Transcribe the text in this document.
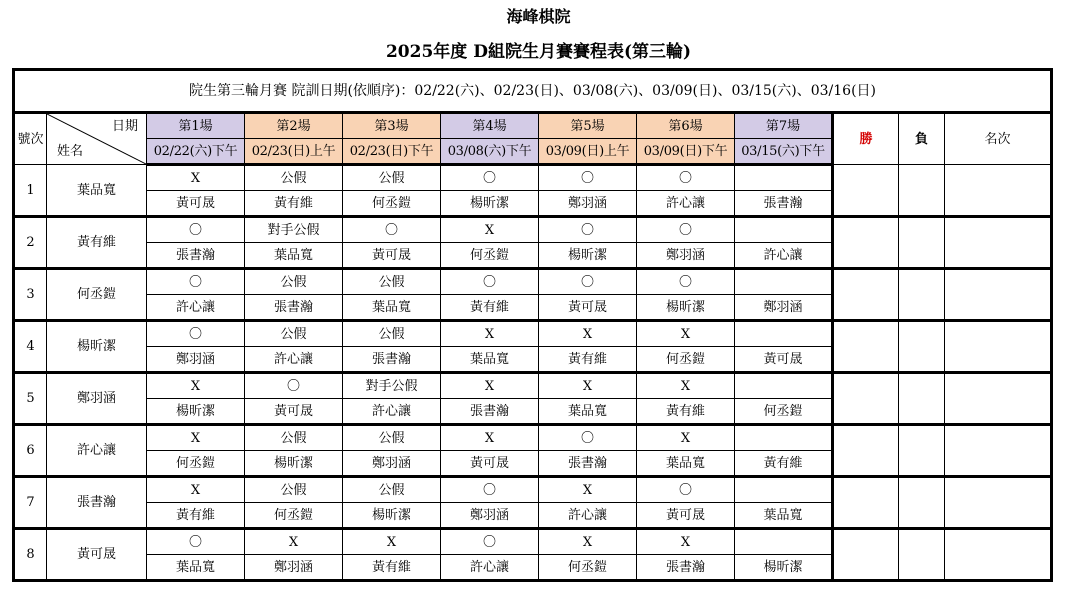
海峰棋院
2025年度 D組院生月賽賽程表(第三輪)
院生第三輪月賽 院訓日期(依順序)：02/22(六)、02/23(日)、03/08(六)、03/09(日)、03/15(六)、03/16(日)											
號次	日期
姓名	第1場	第2場	第3場	第4場	第5場	第6場	第7場	勝	負	名次
		02/22(六)下午	02/23(日)上午	02/23(日)下午	03/08(六)下午	03/09(日)上午	03/09(日)下午	03/15(六)下午			
1	葉品寬	X	公假	公假	〇	〇	〇				
		黃可晟	黃有維	何丞鎧	楊昕潔	鄭羽涵	許心讓	張書瀚			
2	黃有維	〇	對手公假	〇	X	〇	〇				
		張書瀚	葉品寬	黃可晟	何丞鎧	楊昕潔	鄭羽涵	許心讓			
3	何丞鎧	〇	公假	公假	〇	〇	〇				
		許心讓	張書瀚	葉品寬	黃有維	黃可晟	楊昕潔	鄭羽涵			
4	楊昕潔	〇	公假	公假	X	X	X				
		鄭羽涵	許心讓	張書瀚	葉品寬	黃有維	何丞鎧	黃可晟			
5	鄭羽涵	X	〇	對手公假	X	X	X				
		楊昕潔	黃可晟	許心讓	張書瀚	葉品寬	黃有維	何丞鎧			
6	許心讓	X	公假	公假	X	〇	X				
		何丞鎧	楊昕潔	鄭羽涵	黃可晟	張書瀚	葉品寬	黃有維			
7	張書瀚	X	公假	公假	〇	X	〇				
		黃有維	何丞鎧	楊昕潔	鄭羽涵	許心讓	黃可晟	葉品寬			
8	黃可晟	〇	X	X	〇	X	X				
		葉品寬	鄭羽涵	黃有維	許心讓	何丞鎧	張書瀚	楊昕潔			
